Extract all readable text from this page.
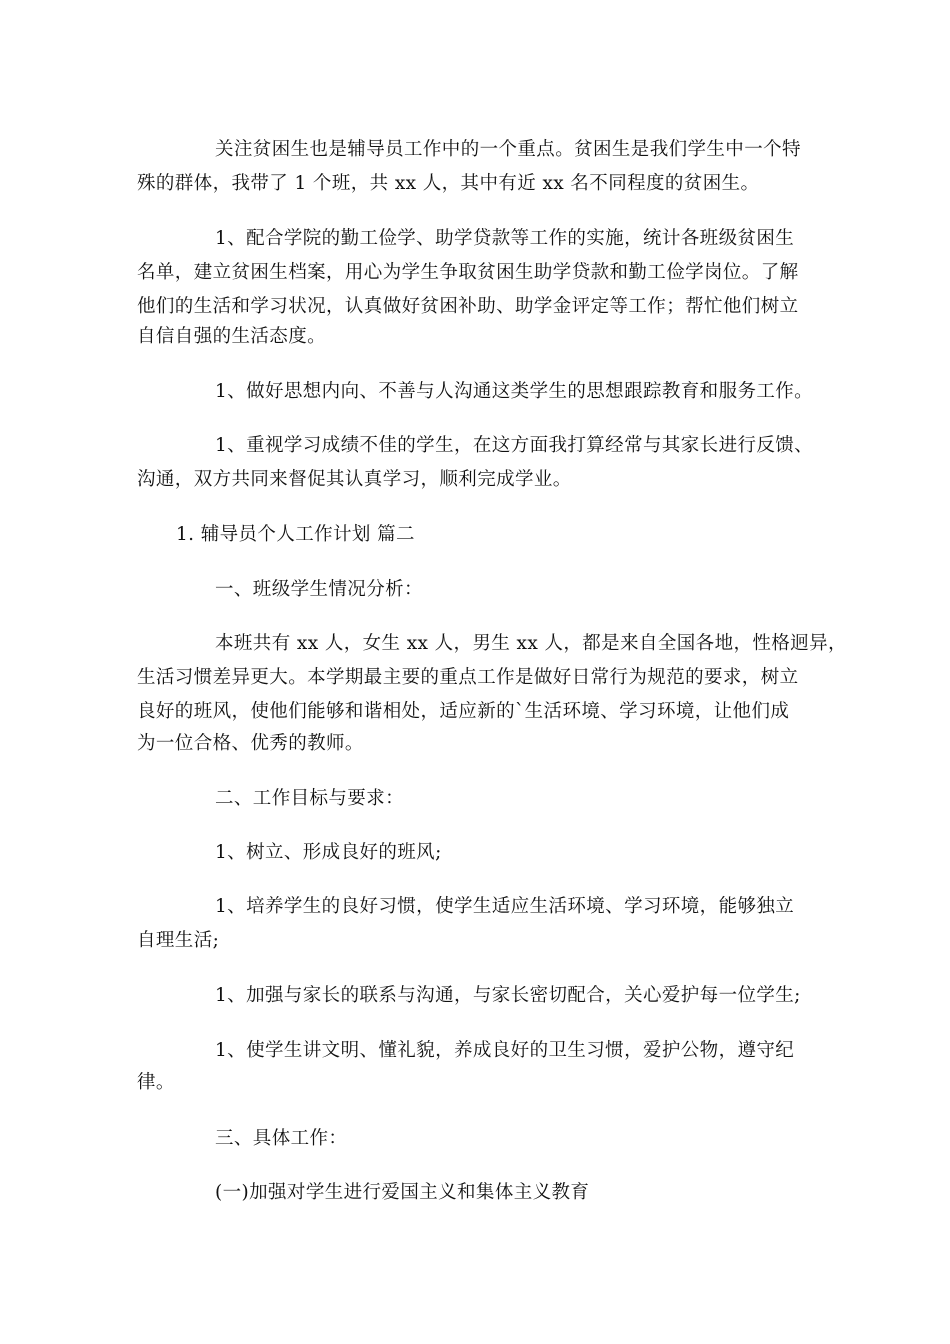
关注贫困生也是辅导员工作中的一个重点。贫困生是我们学生中一个特
殊的群体，我带了 1 个班，共 xx 人，其中有近 xx 名不同程度的贫困生。
1、配合学院的勤工俭学、助学贷款等工作的实施，统计各班级贫困生
名单，建立贫困生档案，用心为学生争取贫困生助学贷款和勤工俭学岗位。了解
他们的生活和学习状况，认真做好贫困补助、助学金评定等工作；帮忙他们树立
自信自强的生活态度。
1、做好思想内向、不善与人沟通这类学生的思想跟踪教育和服务工作。
1、重视学习成绩不佳的学生，在这方面我打算经常与其家长进行反馈、
沟通，双方共同来督促其认真学习，顺利完成学业。
1. 辅导员个人工作计划 篇二
一、班级学生情况分析：
本班共有 xx 人，女生 xx 人，男生 xx 人，都是来自全国各地，性格迥异，
生活习惯差异更大。本学期最主要的重点工作是做好日常行为规范的要求，树立
良好的班风，使他们能够和谐相处，适应新的`生活环境、学习环境，让他们成
为一位合格、优秀的教师。
二、工作目标与要求：
1、树立、形成良好的班风;
1、培养学生的良好习惯，使学生适应生活环境、学习环境，能够独立
自理生活;
1、加强与家长的联系与沟通，与家长密切配合，关心爱护每一位学生;
1、使学生讲文明、懂礼貌，养成良好的卫生习惯，爱护公物，遵守纪
律。
三、具体工作：
(一)加强对学生进行爱国主义和集体主义教育
